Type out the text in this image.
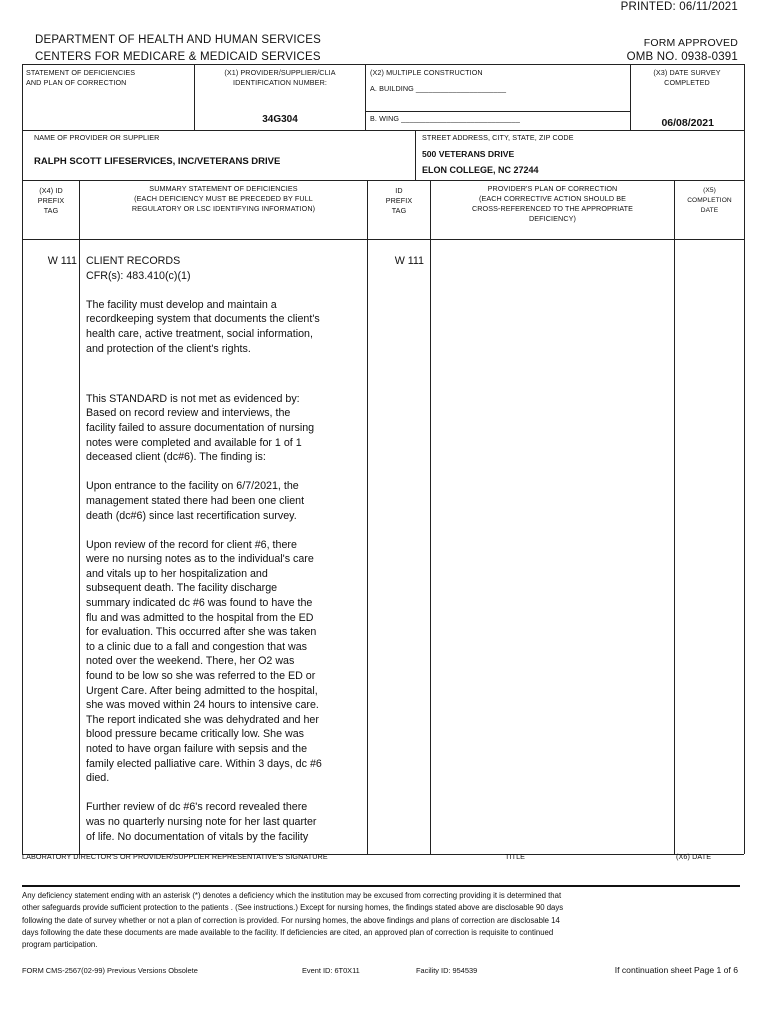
DEPARTMENT OF HEALTH AND HUMAN SERVICES
CENTERS FOR MEDICARE & MEDICAID SERVICES
PRINTED: 06/11/2021
FORM APPROVED
OMB NO. 0938-0391
STATEMENT OF DEFICIENCIES
AND PLAN OF CORRECTION
(X1) PROVIDER/SUPPLIER/CLIA
IDENTIFICATION NUMBER:
34G304
(X2) MULTIPLE CONSTRUCTION
A. BUILDING ______________________
B. WING _____________________________
(X3) DATE SURVEY
COMPLETED
06/08/2021
NAME OF PROVIDER OR SUPPLIER
RALPH SCOTT LIFESERVICES, INC/VETERANS DRIVE
STREET ADDRESS, CITY, STATE, ZIP CODE
500 VETERANS DRIVE
ELON COLLEGE, NC 27244
(X4) ID
PREFIX
TAG
SUMMARY STATEMENT OF DEFICIENCIES
(EACH DEFICIENCY MUST BE PRECEDED BY FULL
REGULATORY OR LSC IDENTIFYING INFORMATION)
ID
PREFIX
TAG
PROVIDER'S PLAN OF CORRECTION
(EACH CORRECTIVE ACTION SHOULD BE
CROSS-REFERENCED TO THE APPROPRIATE
DEFICIENCY)
(X5)
COMPLETION
DATE
W 111	W 111

CLIENT RECORDS
CFR(s): 483.410(c)(1)

The facility must develop and maintain a
recordkeeping system that documents the client's
health care, active treatment, social information,
and protection of the client's rights.

This STANDARD is not met as evidenced by:
Based on record review and interviews, the
facility failed to assure documentation of nursing
notes were completed and available for 1 of 1
deceased client (dc#6). The finding is:

Upon entrance to the facility on 6/7/2021, the
management stated there had been one client
death (dc#6) since last recertification survey.

Upon review of the record for client #6, there
were no nursing notes as to the individual's care
and vitals up to her hospitalization and
subsequent death. The facility discharge
summary indicated dc #6 was found to have the
flu and was admitted to the hospital from the ED
for evaluation. This occurred after she was taken
to a clinic due to a fall and congestion that was
noted over the weekend. There, her O2 was
found to be low so she was referred to the ED or
Urgent Care. After being admitted to the hospital,
she was moved within 24 hours to intensive care.
The report indicated she was dehydrated and her
blood pressure became critically low. She was
noted to have organ failure with sepsis and the
family elected palliative care. Within 3 days, dc #6
died.

Further review of dc #6's record revealed there
was no quarterly nursing note for her last quarter
of life. No documentation of vitals by the facility

LABORATORY DIRECTOR'S OR PROVIDER/SUPPLIER REPRESENTATIVE'S SIGNATURE	TITLE	(X6) DATE
Any deficiency statement ending with an asterisk (*) denotes a deficiency which the institution may be excused from correcting providing it is determined that
other safeguards provide sufficient protection to the patients . (See instructions.) Except for nursing homes, the findings stated above are disclosable 90 days
following the date of survey whether or not a plan of correction is provided. For nursing homes, the above findings and plans of correction are disclosable 14
days following the date these documents are made available to the facility. If deficiencies are cited, an approved plan of correction is requisite to continued
program participation.
FORM CMS-2567(02-99) Previous Versions Obsolete	Event ID: 6T0X11	Facility ID: 954539	If continuation sheet Page 1 of 6
